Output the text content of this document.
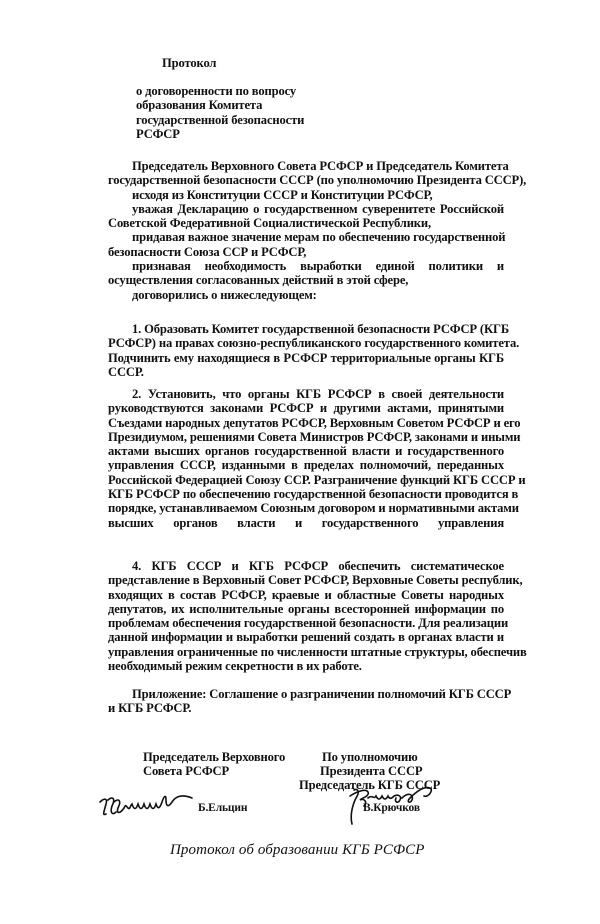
Протокол
о договоренности по вопросу
образования Комитета
государственной безопасности
РСФСР
Председатель Верховного Совета РСФСР и Председатель Комитета
государственной безопасности СССР (по уполномочию Президента СССР),
исходя из Конституции СССР и Конституции РСФСР,
уважая Декларацию о государственном суверенитете Российской
Советской Федеративной Социалистической Республики,
придавая важное значение мерам по обеспечению государственной
безопасности Союза ССР и РСФСР,
признавая необходимость выработки единой политики и
осуществления согласованных действий в этой сфере,
договорились о нижеследующем:
1. Образовать Комитет государственной безопасности РСФСР (КГБ
РСФСР) на правах союзно-республиканского государственного комитета.
Подчинить ему находящиеся в РСФСР территориальные органы КГБ
СССР.
2. Установить, что органы КГБ РСФСР в своей деятельности
руководствуются законами РСФСР и другими актами, принятыми
Съездами народных депутатов РСФСР, Верховным Советом РСФСР и его
Президиумом, решениями Совета Министров РСФСР, законами и иными
актами высших органов государственной власти и государственного
управления СССР, изданными в пределах полномочий, переданных
Российской Федерацией Союзу ССР. Разграничение функций КГБ СССР и
КГБ РСФСР по обеспечению государственной безопасности проводится в
порядке, устанавливаемом Союзным договором и нормативными актами
высших органов власти и государственного управления
4. КГБ СССР и КГБ РСФСР обеспечить систематическое
представление в Верховный Совет РСФСР, Верховные Советы республик,
входящих в состав РСФСР, краевые и областные Советы народных
депутатов, их исполнительные органы всесторонней информации по
проблемам обеспечения государственной безопасности. Для реализации
данной информации и выработки решений создать в органах власти и
управления ограниченные по численности штатные структуры, обеспечив
необходимый режим секретности в их работе.
Приложение: Соглашение о разграничении полномочий КГБ СССР
и КГБ РСФСР.
Председатель Верховного
Совета РСФСР
По уполномочию
Президента СССР
Председатель КГБ СССР
Б.Ельцин	В.Крючков
Протокол об образовании КГБ РСФСР
